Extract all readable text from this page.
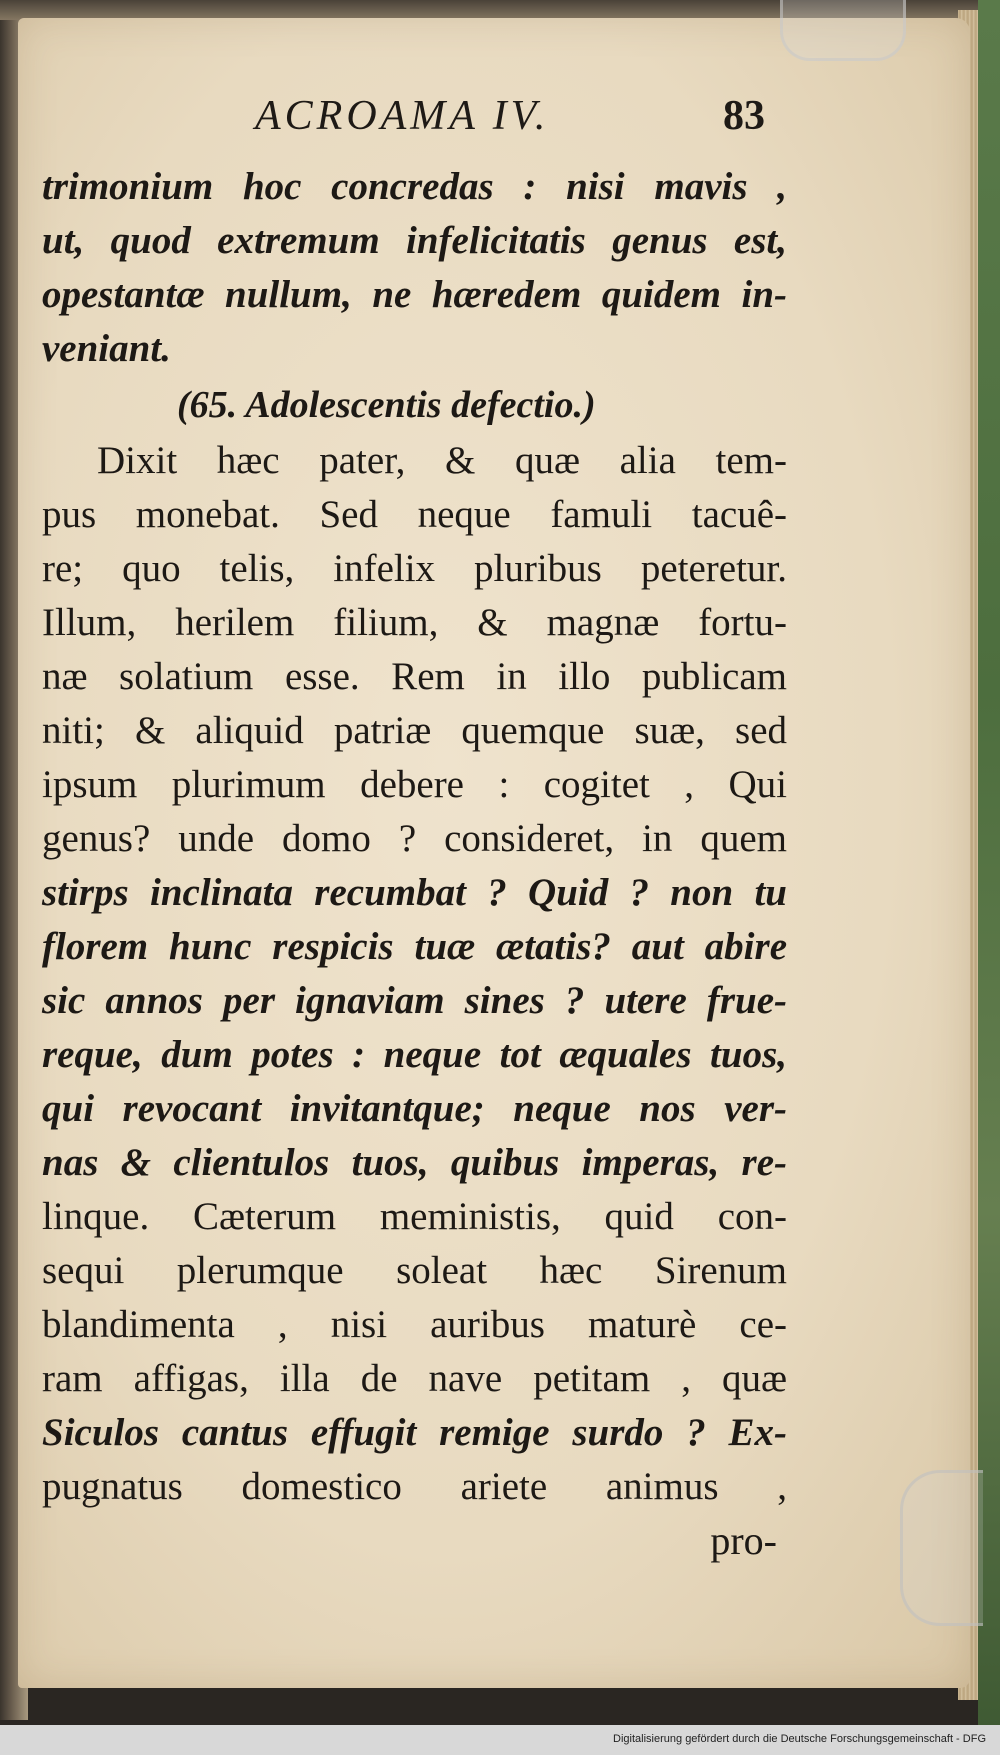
ACROAMA IV.	83
trimonium hoc concredas : nisi mavis ,
ut, quod extremum infelicitatis genus est,
opestantæ nullum, ne hæredem quidem in-
veniant.
(65. Adolescentis defectio.)
Dixit hæc pater, & quæ alia tem-
pus monebat. Sed neque famuli tacuê-
re; quo telis, infelix pluribus peteretur.
Illum, herilem filium, & magnæ fortu-
næ solatium esse. Rem in illo publicam
niti; & aliquid patriæ quemque suæ, sed
ipsum plurimum debere : cogitet , Qui
genus? unde domo ? consideret, in quem
stirps inclinata recumbat ? Quid ? non tu
florem hunc respicis tuæ ætatis? aut abire
sic annos per ignaviam sines ? utere frue-
reque, dum potes : neque tot æquales tuos,
qui revocant invitantque; neque nos ver-
nas & clientulos tuos, quibus imperas, re-
linque. Cæterum meministis, quid con-
sequi plerumque soleat hæc Sirenum
blandimenta , nisi auribus maturè ce-
ram affigas, illa de nave petitam , quæ
Siculos cantus effugit remige surdo ? Ex-
pugnatus domestico ariete animus ,
pro-
Digitalisierung gefördert durch die Deutsche Forschungsgemeinschaft - DFG
